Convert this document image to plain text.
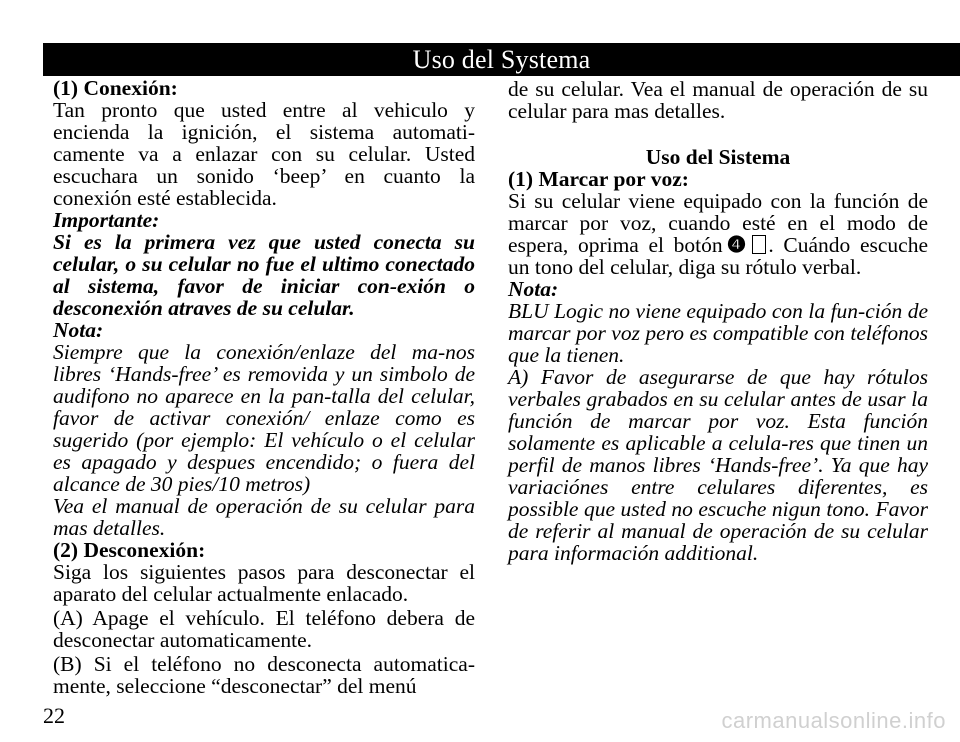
Uso del Systema

(1) Conexión:

Tan pronto que usted entre al vehiculo y encienda la ignición, el sistema automati-camente va a enlazar con su celular. Usted escuchara un sonido ‘beep’ en cuanto la conexión esté establecida.

Importante:

Si es la primera vez que usted conecta su celular, o su celular no fue el ultimo conectado al sistema, favor de iniciar con-exión o desconexión atraves de su celular.

Nota:

Siempre que la conexión/enlaze del ma-nos libres ‘Hands-free’ es removida y un simbolo de audifono no aparece en la pan-talla del celular, favor de activar conexión/ enlaze como es sugerido (por ejemplo: El vehículo o el celular es apagado y despues encendido; o fuera del alcance de 30 pies/10 metros)

Vea el manual de operación de su celular para mas detalles.

(2) Desconexión:

Siga los siguientes pasos para desconectar el aparato del celular actualmente enlacado.

(A) Apage el vehículo. El teléfono debera de desconectar automaticamente.

(B) Si el teléfono no desconecta automatica-mente, seleccione “desconectar” del menú

de su celular. Vea el manual de operación de su celular para mas detalles.

Uso del Sistema

(1) Marcar por voz:

Si su celular viene equipado con la función de marcar por voz, cuando esté en el modo de espera, oprima el botón ❹ . Cuándo escuche un tono del celular, diga su rótulo verbal.

Nota:

BLU Logic no viene equipado con la fun-ción de marcar por voz pero es compatible con teléfonos que la tienen.

A) Favor de asegurarse de que hay rótulos verbales grabados en su celular antes de usar la función de marcar por voz. Esta función solamente es aplicable a celula-res que tinen un perfil de manos libres ‘Hands-free’. Ya que hay variaciónes entre celulares diferentes, es possible que usted no escuche nigun tono. Favor de referir al manual de operación de su celular para información additional.

22	carmanualsonline.info
